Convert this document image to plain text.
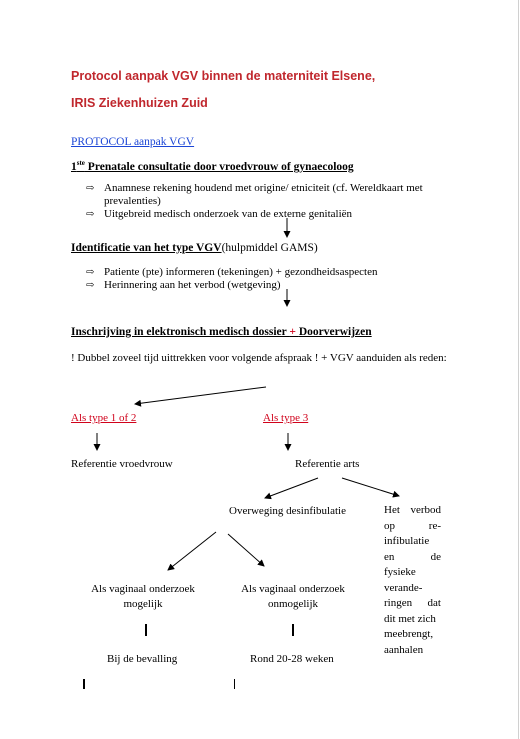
Protocol aanpak VGV binnen de materniteit Elsene,
IRIS Ziekenhuizen Zuid
PROTOCOL aanpak VGV
1ste Prenatale consultatie door vroedvrouw of gynaecoloog
⇨ Anamnese rekening houdend met origine/ etniciteit (cf. Wereldkaart met prevalenties)
⇨ Uitgebreid medisch onderzoek van de externe genitaliën
Identificatie van het type VGV(hulpmiddel GAMS)
⇨ Patiente (pte) informeren (tekeningen) + gezondheidsaspecten
⇨ Herinnering aan het verbod (wetgeving)
Inschrijving in elektronisch medisch dossier + Doorverwijzen
! Dubbel zoveel tijd uittrekken voor volgende afspraak ! + VGV aanduiden als reden:
Als type 1 of 2	Als type 3
Referentie vroedvrouw	Referentie arts
Overweging desinfibulatie	Het verbod
op	re-
infibulatie
en	de
fysieke
verande-
ringen dat
dit met zich
meebrengt,
aanhalen
Als vaginaal onderzoek
mogelijk
Als vaginaal onderzoek
onmogelijk
Bij de bevalling	Rond 20-28 weken
